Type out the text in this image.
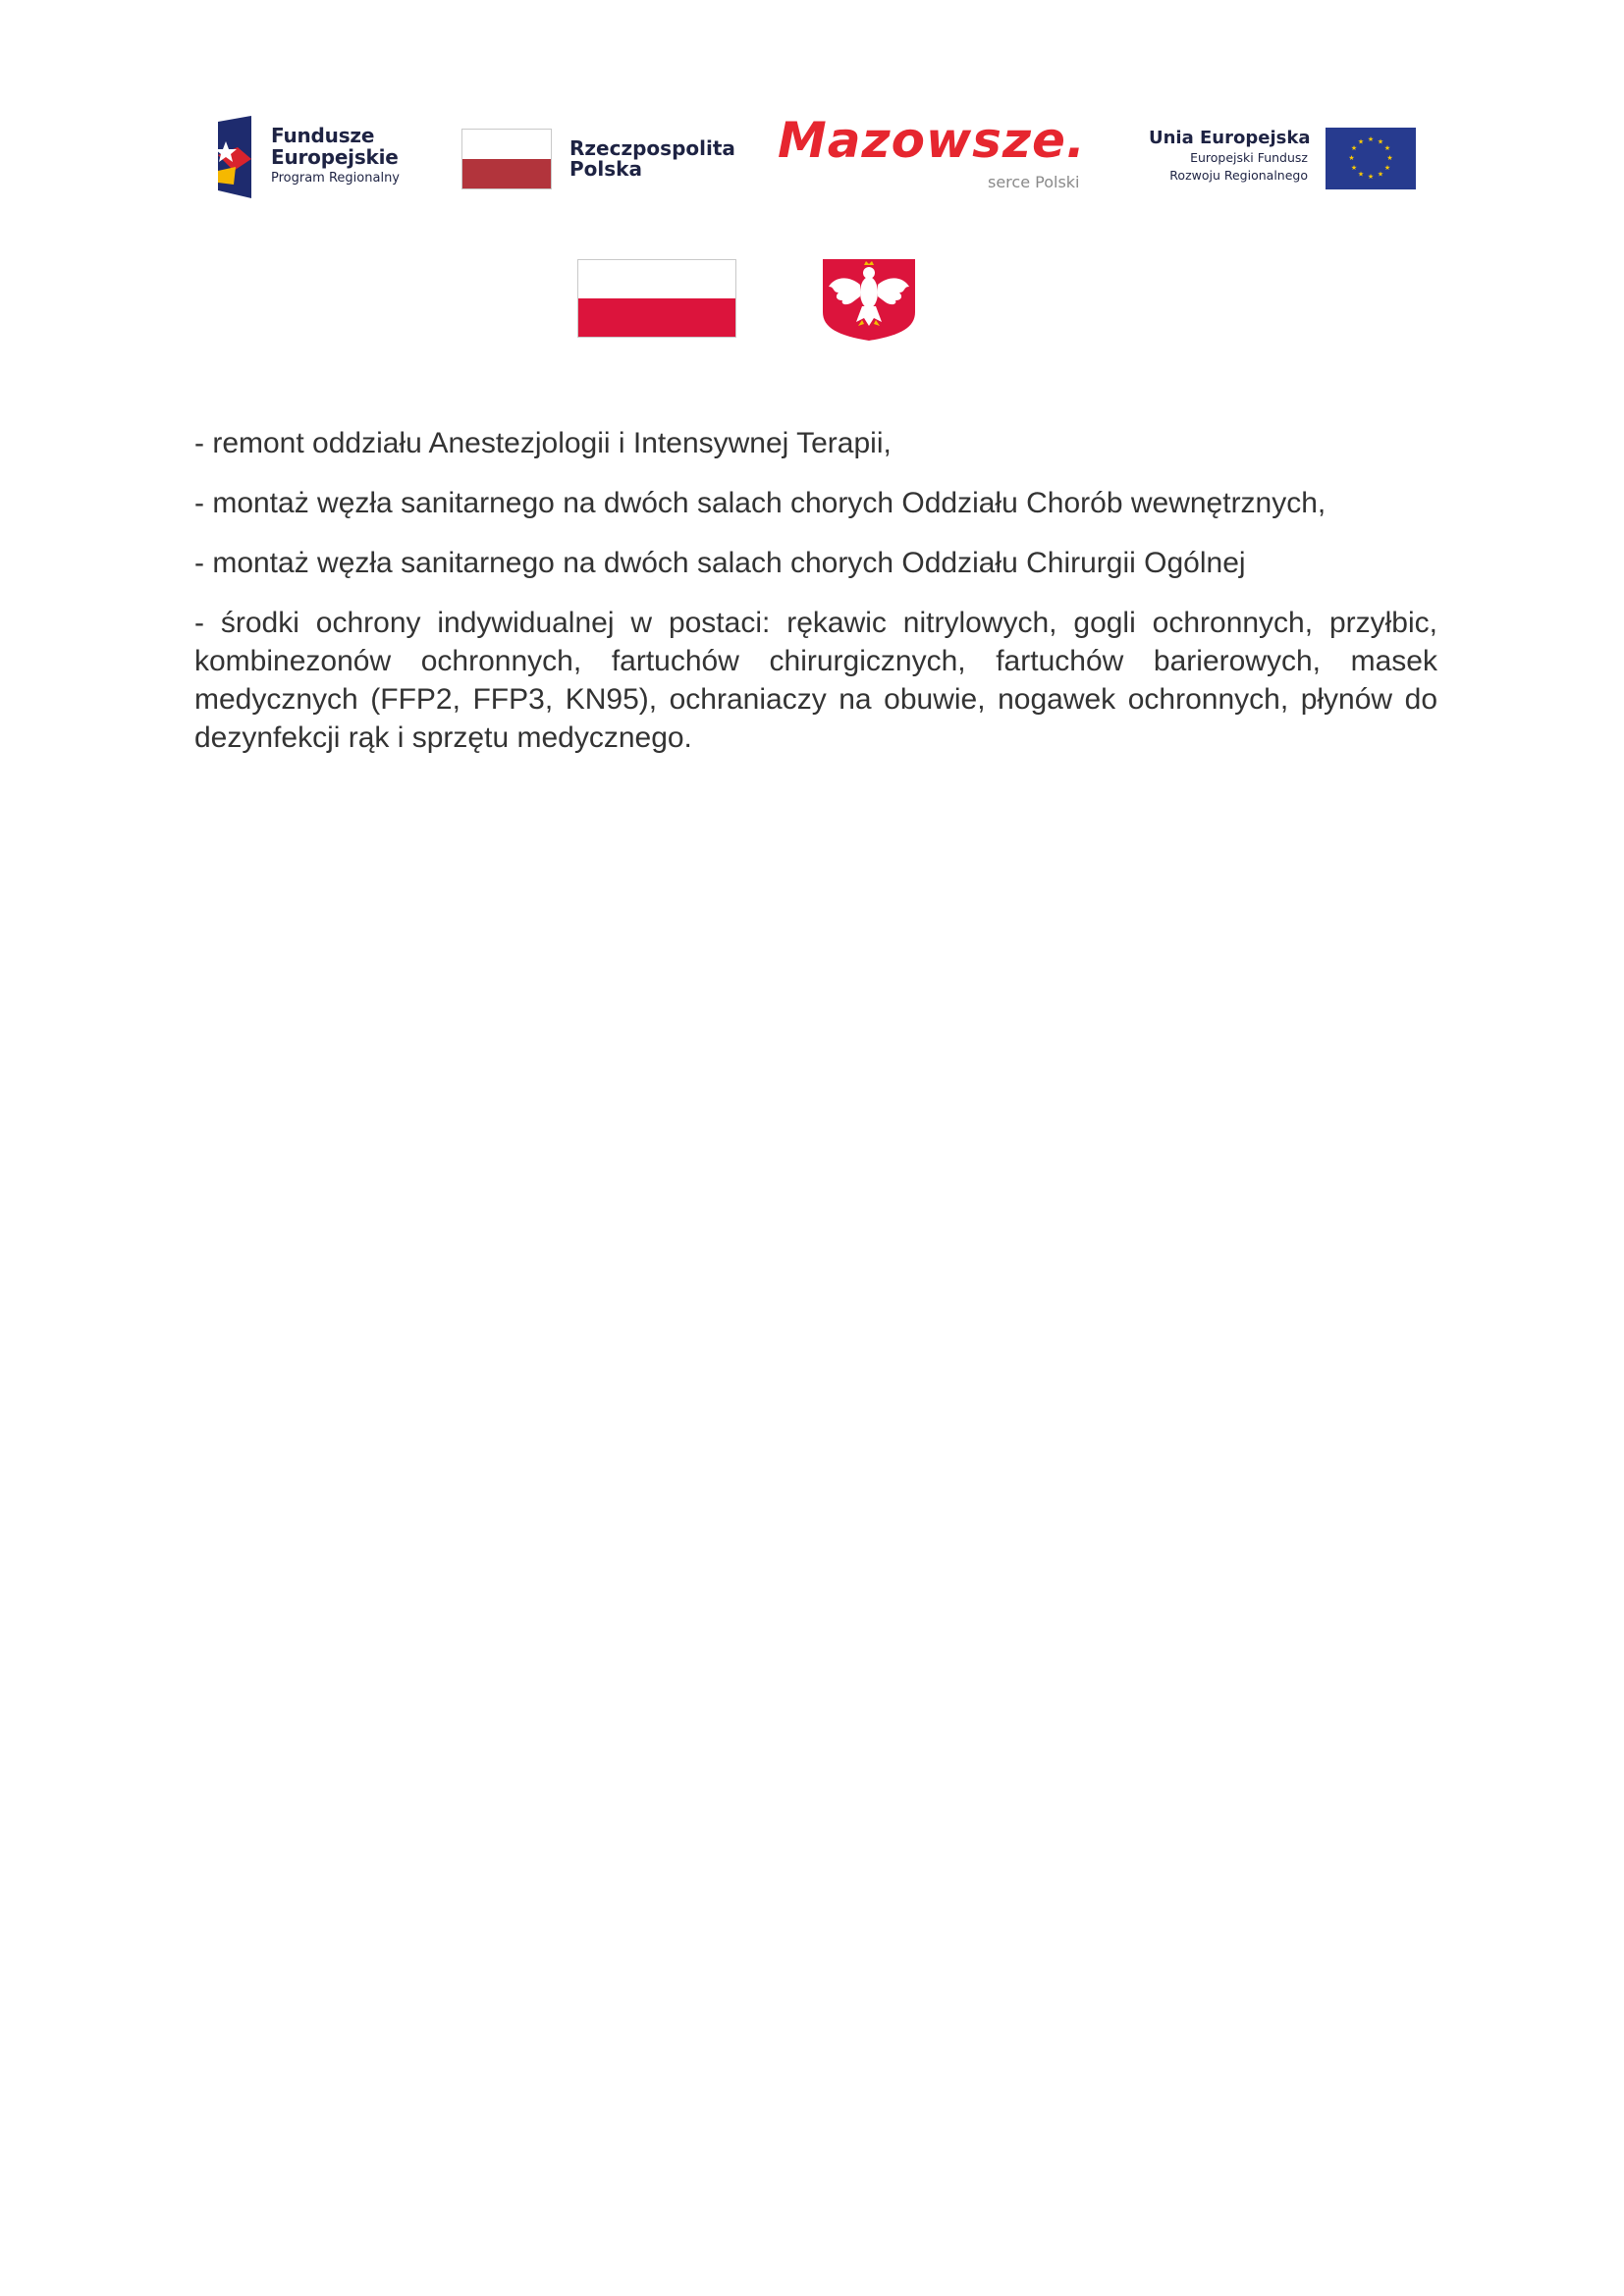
Fundusze
Europejskie
Program Regionalny
Rzeczpospolita
Polska	Mazowsze.
serce Polski
Unia Europejska
Europejski Fundusz
Rozwoju Regionalnego
★ ★
★
★
★
★
★
★
★
★
★
★

- remont oddziału Anestezjologii i Intensywnej Terapii,

- montaż węzła sanitarnego na dwóch salach chorych Oddziału Chorób wewnętrznych,

- montaż węzła sanitarnego na dwóch salach chorych Oddziału Chirurgii Ogólnej

- środki ochrony indywidualnej w postaci: rękawic nitrylowych, gogli ochronnych, przyłbic, kombinezonów ochronnych, fartuchów chirurgicznych, fartuchów barierowych, masek medycznych (FFP2, FFP3, KN95), ochraniaczy na obuwie, nogawek ochronnych, płynów do dezynfekcji rąk i sprzętu medycznego.
